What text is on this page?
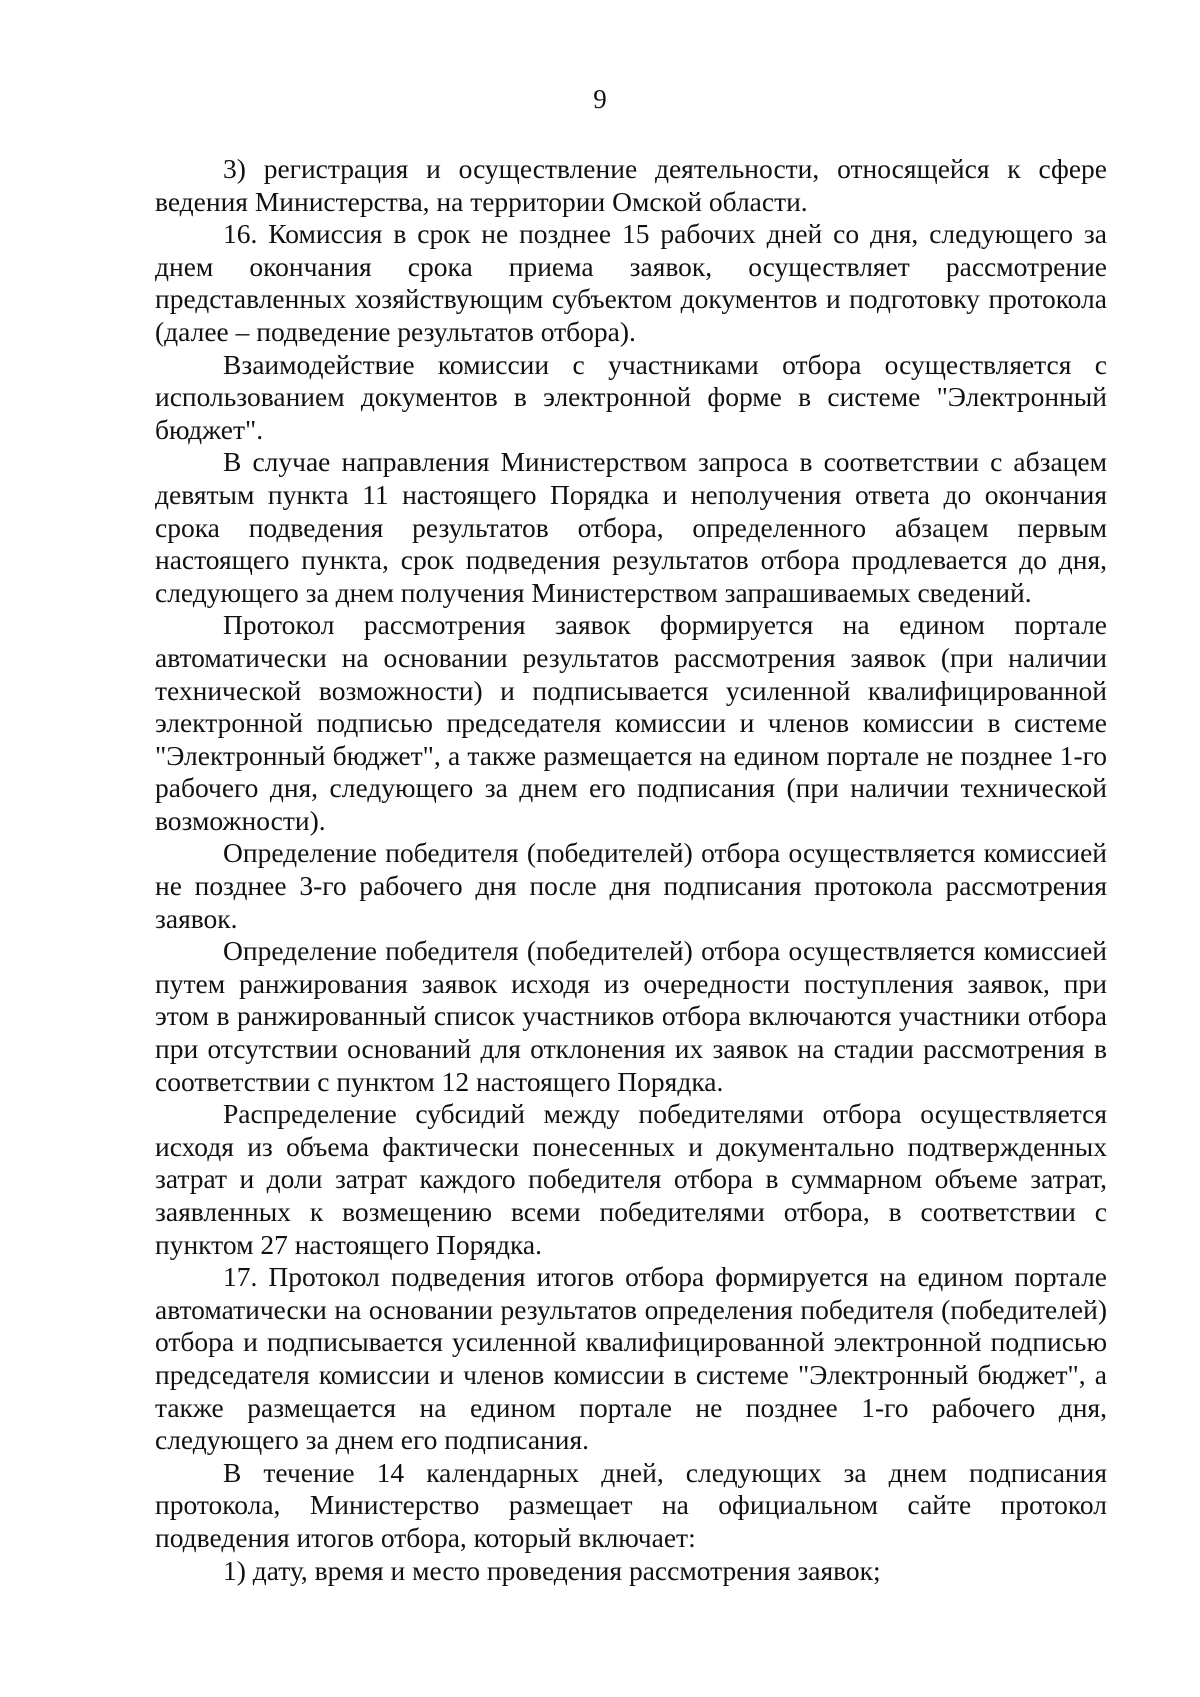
9

3) регистрация и осуществление деятельности, относящейся к сфере ведения Министерства, на территории Омской области.

16. Комиссия в срок не позднее 15 рабочих дней со дня, следующего за днем окончания срока приема заявок, осуществляет рассмотрение представленных хозяйствующим субъектом документов и подготовку протокола (далее – подведение результатов отбора).

Взаимодействие комиссии с участниками отбора осуществляется с использованием документов в электронной форме в системе "Электронный бюджет".

В случае направления Министерством запроса в соответствии с абзацем девятым пункта 11 настоящего Порядка и неполучения ответа до окончания срока подведения результатов отбора, определенного абзацем первым настоящего пункта, срок подведения результатов отбора продлевается до дня, следующего за днем получения Министерством запрашиваемых сведений.

Протокол рассмотрения заявок формируется на едином портале автоматически на основании результатов рассмотрения заявок (при наличии технической возможности) и подписывается усиленной квалифицированной электронной подписью председателя комиссии и членов комиссии в системе "Электронный бюджет", а также размещается на едином портале не позднее 1-го рабочего дня, следующего за днем его подписания (при наличии технической возможности).

Определение победителя (победителей) отбора осуществляется комиссией не позднее 3-го рабочего дня после дня подписания протокола рассмотрения заявок.

Определение победителя (победителей) отбора осуществляется комиссией путем ранжирования заявок исходя из очередности поступления заявок, при этом в ранжированный список участников отбора включаются участники отбора при отсутствии оснований для отклонения их заявок на стадии рассмотрения в соответствии с пунктом 12 настоящего Порядка.

Распределение субсидий между победителями отбора осуществляется исходя из объема фактически понесенных и документально подтвержденных затрат и доли затрат каждого победителя отбора в суммарном объеме затрат, заявленных к возмещению всеми победителями отбора, в соответствии с пунктом 27 настоящего Порядка.

17. Протокол подведения итогов отбора формируется на едином портале автоматически на основании результатов определения победителя (победителей) отбора и подписывается усиленной квалифицированной электронной подписью председателя комиссии и членов комиссии в системе "Электронный бюджет", а также размещается на едином портале не позднее 1-го рабочего дня, следующего за днем его подписания.

В течение 14 календарных дней, следующих за днем подписания протокола, Министерство размещает на официальном сайте протокол подведения итогов отбора, который включает:

1) дату, время и место проведения рассмотрения заявок;
